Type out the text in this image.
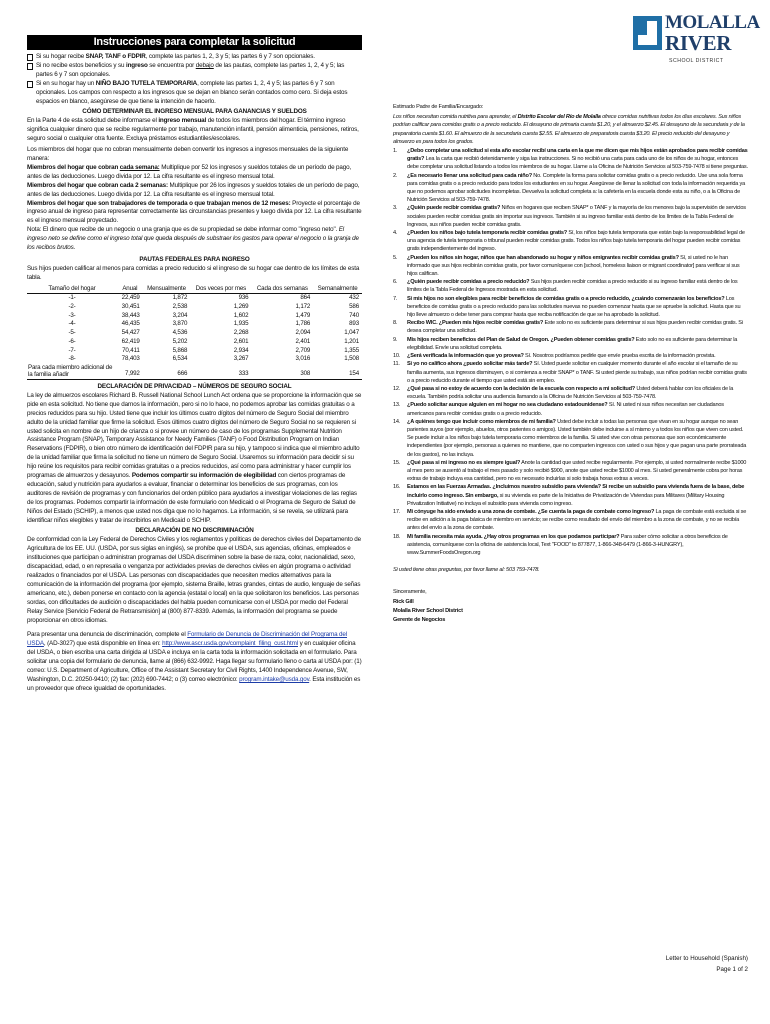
Instrucciones para completar la solicitud

Si su hogar recibe SNAP, TANF o FDPIR, complete las partes 1, 2, 3 y 5; las partes 6 y 7 son opcionales.

Si no recibe estos beneficios y su ingreso se encuentra por debajo de las pautas, complete las partes 1, 2, 4 y 5; las partes 6 y 7 son opcionales.

Si en su hogar hay un NIÑO BAJO TUTELA TEMPORARIA, complete las partes 1, 2, 4 y 5; las partes 6 y 7 son opcionales. Los campos con respecto a los ingresos que se dejan en blanco serán contados como cero. Si deja estos espacios en blanco, asegúrese de que tiene la intención de hacerlo.

CÓMO DETERMINAR EL INGRESO MENSUAL PARA GANANCIAS Y SUELDOS

En la Parte 4 de esta solicitud debe informarse el ingreso mensual de todos los miembros del hogar. El término ingreso significa cualquier dinero que se recibe regularmente por trabajo, manutención infantil, pensión alimenticia, pensiones, retiros, seguro social o cualquier otra fuente. Excluya préstamos estudiantiles/escolares.

Los miembros del hogar que no cobran mensualmente deben convertir los ingresos a ingresos mensuales de la siguiente manera:

Miembros del hogar que cobran cada semana: Multiplique por 52 los ingresos y sueldos totales de un período de pago, antes de las deducciones. Luego divida por 12. La cifra resultante es el ingreso mensual total.

Miembros del hogar que cobran cada 2 semanas: Multiplique por 26 los ingresos y sueldos totales de un período de pago, antes de las deducciones. Luego divida por 12. La cifra resultante es el ingreso mensual total.

Miembros del hogar que son trabajadores de temporada o que trabajan menos de 12 meses: Proyecte el porcentaje de ingreso anual de ingreso para representar correctamente las circunstancias presentes y luego divida por 12. La cifra resultante es el ingreso mensual proyectado.

Nota: El dinero que recibe de un negocio o una granja que es de su propiedad se debe informar como "ingreso neto". El ingreso neto se define como el ingreso total que queda después de substraer los gastos para operar el negocio o la granja de los recibos brutos.

PAUTAS FEDERALES PARA INGRESO

Sus hijos pueden calificar al menos para comidas a precio reducido si el ingreso de su hogar cae dentro de los límites de esta tabla.

Tamaño del hogar	Anual	Mensualmente	Dos veces por mes	Cada dos semanas	Semanalmente
-1-	22,459	1,872	936	864	432
-2-	30,451	2,538	1,269	1,172	586
-3-	38,443	3,204	1,602	1,479	740
-4-	46,435	3,870	1,935	1,786	893
-5-	54,427	4,536	2,268	2,094	1,047
-6-	62,419	5,202	2,601	2,401	1,201
-7-	70,411	5,868	2,934	2,709	1,355
-8-	78,403	6,534	3,267	3,016	1,508
Para cada miembro adicional de la familia añadir	7,992	666	333	308	154

DECLARACIÓN DE PRIVACIDAD – NÚMEROS DE SEGURO SOCIAL

La ley de almuerzos escolares Richard B. Russell National School Lunch Act ordena que se proporcione la información que se pide en esta solicitud. No tiene que darnos la información, pero si no lo hace, no podemos aprobar las comidas gratuitas o a precios reducidos para su hijo. Usted tiene que incluir los últimos cuatro dígitos del número de Seguro Social del miembro adulto de la unidad familiar que firme la solicitud. Esos últimos cuatro dígitos del número de Seguro Social no se requieren si usted solicita en nombre de un hijo de crianza o si provee un número de caso de los programas Supplemental Nutrition Assistance Program (SNAP), Temporary Assistance for Needy Families (TANF) o Food Distribution Program on Indian Reservations (FDPIR), o bien otro número de identificación del FDPIR para su hijo, y tampoco si indica que el miembro adulto de la unidad familiar que firma la solicitud no tiene un número de Seguro Social. Usaremos su información para decidir si su hijo reúne los requisitos para recibir comidas gratuitas o a precios reducidos, así como para administrar y hacer cumplir los programas de almuerzos y desayunos. Podemos compartir su información de elegibilidad con ciertos programas de educación, salud y nutrición para ayudarlos a evaluar, financiar o determinar los beneficios de sus programas, con los auditores de revisión de programas y con funcionarios del orden público para ayudarlos a investigar violaciones de las reglas de los programas. Podemos compartir la información de este formulario con Medicaid o el Programa de Seguro de Salud de Niños del Estado (SCHIP), a menos que usted nos diga que no lo hagamos. La información, si se revela, se utilizará para identificar niños elegibles y tratar de inscribirlos en Medicaid o SCHIP.

DECLARACIÓN DE NO DISCRIMINACIÓN

De conformidad con la Ley Federal de Derechos Civiles y los reglamentos y políticas de derechos civiles del Departamento de Agricultura de los EE. UU. (USDA, por sus siglas en inglés), se prohíbe que el USDA, sus agencias, oficinas, empleados e instituciones que participan o administran programas del USDA discriminen sobre la base de raza, color, nacionalidad, sexo, discapacidad, edad, o en represalia o venganza por actividades previas de derechos civiles en algún programa o actividad realizados o financiados por el USDA. Las personas con discapacidades que necesiten medios alternativos para la comunicación de la información del programa (por ejemplo, sistema Braille, letras grandes, cintas de audio, lenguaje de señas americano, etc.), deben ponerse en contacto con la agencia (estatal o local) en la que solicitaron los beneficios. Las personas sordas, con dificultades de audición o discapacidades del habla pueden comunicarse con el USDA por medio del Federal Relay Service [Servicio Federal de Retransmisión] al (800) 877-8339. Además, la información del programa se puede proporcionar en otros idiomas.

Para presentar una denuncia de discriminación, complete el Formulario de Denuncia de Discriminación del Programa del USDA, (AD-3027) que está disponible en línea en: http://www.ascr.usda.gov/complaint_filing_cust.html y en cualquier oficina del USDA, o bien escriba una carta dirigida al USDA e incluya en la carta toda la información solicitada en el formulario. Para solicitar una copia del formulario de denuncia, llame al (866) 632-9992. Haga llegar su formulario lleno o carta al USDA por: (1) correo: U.S. Department of Agriculture, Office of the Assistant Secretary for Civil Rights, 1400 Independence Avenue, SW, Washington, D.C. 20250-9410; (2) fax: (202) 690-7442; o (3) correo electrónico: program.intake@usda.gov. Esta institución es un proveedor que ofrece igualdad de oportunidades.

MOLALLA
RIVER
SCHOOL DISTRICT

Estimado Padre de Familia/Encargado:

Los niños necesitan comida nutritiva para aprender, el Distrito Escolar del Río de Molalla ofrece comidas nutritivas todos los días escolares. Sus niños podrían calificar para comidas gratis o a precio reducido. El desayuno de primaria cuesta $1.20, y el almuerzo $2.45. El desayuno de la secundaria y de la preparatoria cuesta $1.60. El almuerzo de la secundaria cuesta $2.55. El almuerzo de preparatoria cuesta $3.20. El precio reducido del desayuno y almuerzo es para todos los grados.

1. ¿Debo completar una solicitud si esta año escolar recibí una carta en la que me dicen que mis hijos están aprobados para recibir comidas gratis? Lea la carta que recibió detenidamente y siga las instrucciones. Si no recibió una carta para cada uno de los niños de su hogar, entonces debe completar una solicitud listando a todos los miembros de su hogar. Llame a la Oficina de Nutrición Servicios al 503-759-7478 si tiene preguntas.

2. ¿Es necesario llenar una solicitud para cada niño? No. Complete la forma para solicitar comidas gratis o a precio reducido. Use una sola forma para comidas gratis o a precio reducido para todos los estudiantes en su hogar. Asegúrese de llenar la solicitud con toda la información requerida ya que no podemos aprobar solicitudes incompletas. Devuelva la solicitud completa a: la cafetería en la escuela donde esta su niño, o a la Oficina de Nutrición Servicios al 503-759-7478.

3. ¿Quién puede recibir comidas gratis? Niños en hogares que reciben SNAP* o TANF y la mayoría de los menores bajo la supervisión de servicios sociales pueden recibir comidas gratis sin importar sus ingresos. También si su ingreso familiar está dentro de los límites de la Tabla Federal de Ingresos, sus niños pueden recibir comidas gratis.

4. ¿Pueden los niños bajo tutela temporaria recibir comidas gratis? Sí, los niños bajo tutela temporaria que están bajo la responsabilidad legal de una agencia de tutela temporaria o tribunal pueden recibir comidas gratis. Todos los niños bajo tutela temporaria del hogar pueden recibir comidas gratis independientemente del ingreso.

5. ¿Pueden los niños sin hogar, niños que han abandonado su hogar y niños emigrantes recibir comidas gratis? Sí, si usted no le han informado que sus hijos recibirán comidas gratis, por favor comuníquese con [school, homeless liaison or migrant coordinator] para verificar si sus hijos califican.

6. ¿Quién puede recibir comidas a precio reducido? Sus hijos pueden recibir comidas a precio reducido si su ingreso familiar está dentro de los límites de la Tabla Federal de Ingresos mostrada en esta solicitud.

7. Si mis hijos no son elegibles para recibir beneficios de comidas gratis o a precio reducido, ¿cuándo comenzarán los beneficios? Los beneficios de comidas gratis o a precio reducido para las solicitudes nuevas no pueden comenzar hasta que se apruebe la solicitud. Hasta que su hijo lleve almuerzo o debe tener para comprar hasta que reciba notificación de que se ha aprobado la solicitud.

8. Recibo WIC. ¿Pueden mis hijos recibir comidas gratis? Este solo no es suficiente para determinar si sus hijos pueden recibir comidas gratis. Si desea completar una solicitud.

9. Mis hijos reciben beneficios del Plan de Salud de Oregon. ¿Pueden obtener comidas gratis? Esto solo no es suficiente para determinar la elegibilidad. Envíe una solicitud completa.

10. ¿Será verificada la información que yo provea? Sí. Nosotros podríamos pedirle que envíe prueba escrita de la información provista.

11. Si yo no califico ahora ¿puedo solicitar más tarde? Sí. Usted puede solicitar en cualquier momento durante el año escolar si el tamaño de su familia aumenta, sus ingresos disminuyen, o si comienza a recibir SNAP* o TANF. Si usted pierde su trabajo, sus niños podrían recibir comidas gratis o a precio reducido durante el tiempo que usted está sin empleo.

12. ¿Qué pasa si no estoy de acuerdo con la decisión de la escuela con respecto a mi solicitud? Usted deberá hablar con los oficiales de la escuela. También podría solicitar una audiencia llamando a la Oficina de Nutrición Servicios al 503-759-7478.

13. ¿Puedo solicitar aunque alguien en mi hogar no sea ciudadano estadounidense? Sí. Ni usted ni sus niños necesitan ser ciudadanos americanos para recibir comidas gratis o a precio reducido.

14. ¿A quiénes tengo que incluir como miembros de mi familia? Usted debe incluir a todas las personas que vivan en su hogar aunque no sean parientes suyos (por ejemplo, abuelos, otros parientes o amigos). Usted también debe incluirse a sí mismo y a todos los niños que viven con usted. Se puede incluir a los niños bajo tutela temporaria como miembros de la familia. Si usted vive con otras personas que son económicamente independientes (por ejemplo, personas a quienes no mantiene, que no comparten ingresos con usted o sus hijos y que pagan una parte prorrateada de los gastos), no las incluya.

15. ¿Qué pasa si mi ingreso no es siempre igual? Anote la cantidad que usted recibe regularmente. Por ejemplo, si usted normalmente recibe $1000 al mes pero se ausentó al trabajo el mes pasado y solo recibió $900, anote que usted recibe $1000 al mes. Si usted generalmente cobra por horas extras de trabajo incluya esa cantidad, pero no es necesario incluirlas si solo trabaja horas extras a veces.

16. Estamos en las Fuerzas Armadas. ¿Incluimos nuestro subsidio para vivienda? Si recibe un subsidio para vivienda fuera de la base, debe incluirlo como ingreso. Sin embargo, si su vivienda es parte de la Iniciativa de Privatización de Viviendas para Militares (Military Housing Privatization Initiative) no incluya el subsidio para vivienda como ingreso.

17. Mi cónyuge ha sido enviado a una zona de combate. ¿Se cuenta la paga de combate como ingreso? La paga de combate está excluida si se recibe en adición a la paga básica de miembro en servicio; se recibe como resultado del envío del miembro a la zona de combate, y no se recibía antes del envío a la zona de combate.

18. Mi familia necesita más ayuda. ¿Hay otros programas en los que podamos participar? Para saber cómo solicitar a otros beneficios de asistencia, comuníquese con la oficina de asistencia local, Text "FOOD" to 877877, 1-866-348-6479 (1-866-3-HUNGRY), www.SummerFoodsOregon.org

Si usted tiene otras preguntas, por favor llame al: 503 759-7478.

Sinceramente,

Rick Gill

Molalla River School District

Gerente de Negocios

Letter to Household (Spanish)
Page 1 of 2
